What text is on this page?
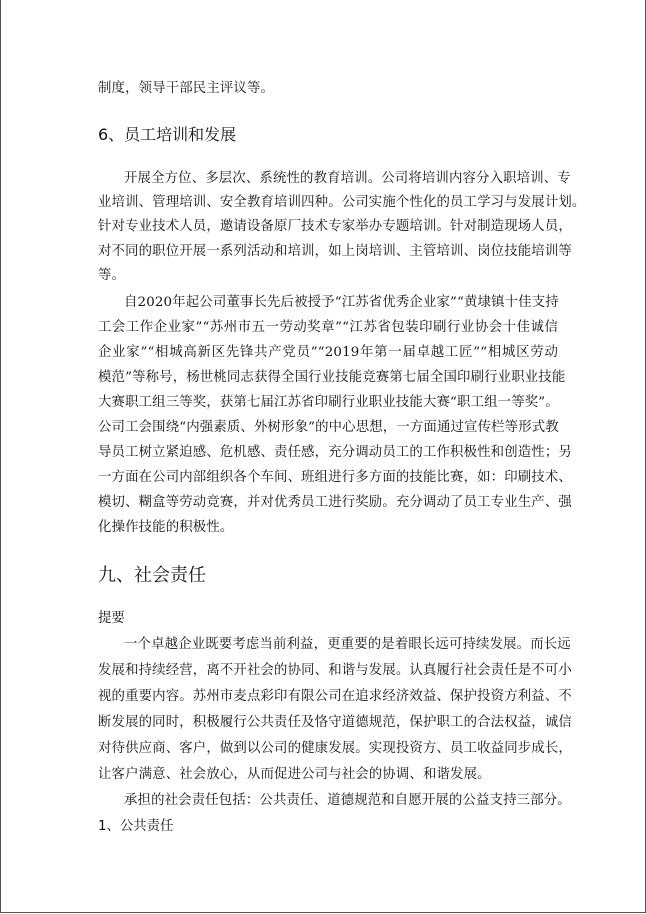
制度，领导干部民主评议等。
6、员工培训和发展
开展全方位、多层次、系统性的教育培训。公司将培训内容分入职培训、专
业培训、管理培训、安全教育培训四种。公司实施个性化的员工学习与发展计划。
针对专业技术人员，邀请设备原厂技术专家举办专题培训。针对制造现场人员，
对不同的职位开展一系列活动和培训，如上岗培训、主管培训、岗位技能培训等
等。
自2020年起公司董事长先后被授予“江苏省优秀企业家”“黄埭镇十佳支持
工会工作企业家”“苏州市五一劳动奖章”“江苏省包装印刷行业协会十佳诚信
企业家”“相城高新区先锋共产党员”“2019年第一届卓越工匠”“相城区劳动
模范”等称号，杨世桃同志获得全国行业技能竞赛第七届全国印刷行业职业技能
大赛职工组三等奖，获第七届江苏省印刷行业职业技能大赛“职工组一等奖”。
公司工会围绕“内强素质、外树形象”的中心思想，一方面通过宣传栏等形式教
导员工树立紧迫感、危机感、责任感，充分调动员工的工作积极性和创造性；另
一方面在公司内部组织各个车间、班组进行多方面的技能比赛，如：印刷技术、
模切、糊盒等劳动竞赛，并对优秀员工进行奖励。充分调动了员工专业生产、强
化操作技能的积极性。
九、社会责任
提要
一个卓越企业既要考虑当前利益，更重要的是着眼长远可持续发展。而长远
发展和持续经营，离不开社会的协同、和谐与发展。认真履行社会责任是不可小
视的重要内容。苏州市麦点彩印有限公司在追求经济效益、保护投资方利益、不
断发展的同时，积极履行公共责任及恪守道德规范，保护职工的合法权益，诚信
对待供应商、客户，做到以公司的健康发展。实现投资方、员工收益同步成长，
让客户满意、社会放心，从而促进公司与社会的协调、和谐发展。
承担的社会责任包括：公共责任、道德规范和自愿开展的公益支持三部分。
1、公共责任
